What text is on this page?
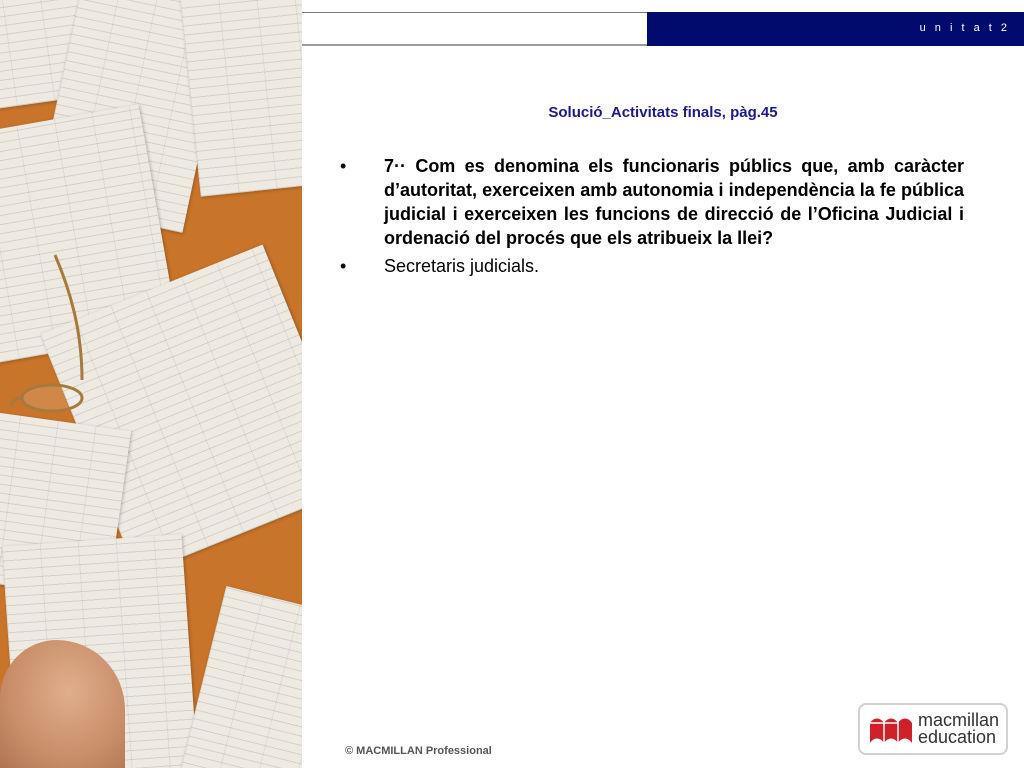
u n i t a t 2
Solució_Activitats finals, pàg.45
•	7·· Com es denomina els funcionaris públics que, amb caràcter d’autoritat, exerceixen amb autonomia i independència la fe pública judicial i exerceixen les funcions de direcció de l’Oficina Judicial i ordenació del procés que els atribueix la llei?
•	Secretaris judicials.
© MACMILLAN Professional
macmillan
education
